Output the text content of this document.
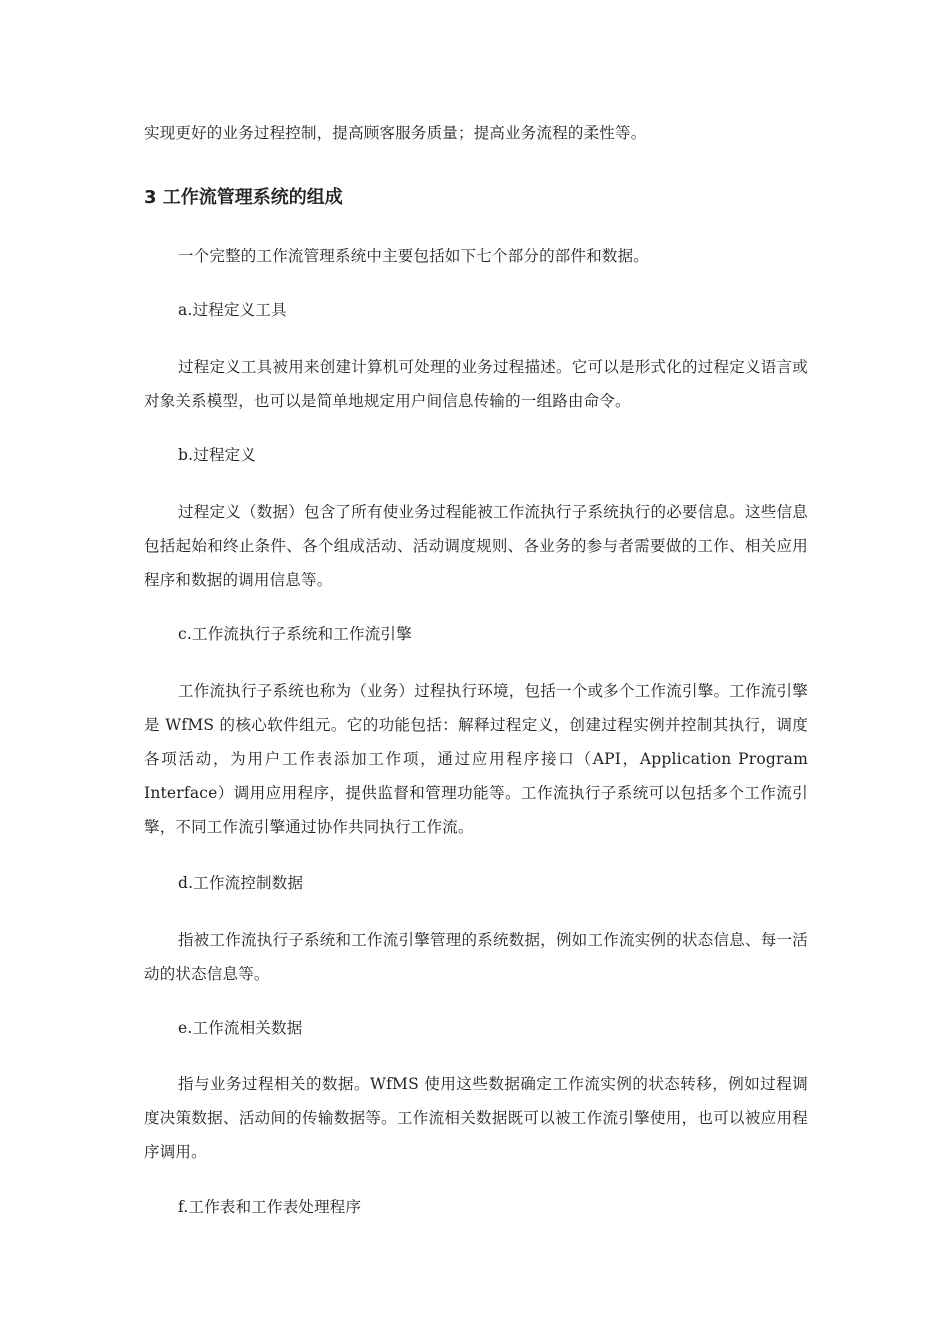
实现更好的业务过程控制，提高顾客服务质量；提高业务流程的柔性等。

3 工作流管理系统的组成

一个完整的工作流管理系统中主要包括如下七个部分的部件和数据。

a.过程定义工具

过程定义工具被用来创建计算机可处理的业务过程描述。它可以是形式化的过程定义语言或对象关系模型，也可以是简单地规定用户间信息传输的一组路由命令。

b.过程定义

过程定义（数据）包含了所有使业务过程能被工作流执行子系统执行的必要信息。这些信息包括起始和终止条件、各个组成活动、活动调度规则、各业务的参与者需要做的工作、相关应用程序和数据的调用信息等。

c.工作流执行子系统和工作流引擎

工作流执行子系统也称为（业务）过程执行环境，包括一个或多个工作流引擎。工作流引擎是 WfMS 的核心软件组元。它的功能包括：解释过程定义，创建过程实例并控制其执行，调度各项活动，为用户工作表添加工作项，通过应用程序接口（API，Application Program Interface）调用应用程序，提供监督和管理功能等。工作流执行子系统可以包括多个工作流引擎，不同工作流引擎通过协作共同执行工作流。

d.工作流控制数据

指被工作流执行子系统和工作流引擎管理的系统数据，例如工作流实例的状态信息、每一活动的状态信息等。

e.工作流相关数据

指与业务过程相关的数据。WfMS 使用这些数据确定工作流实例的状态转移，例如过程调度决策数据、活动间的传输数据等。工作流相关数据既可以被工作流引擎使用，也可以被应用程序调用。

f.工作表和工作表处理程序
